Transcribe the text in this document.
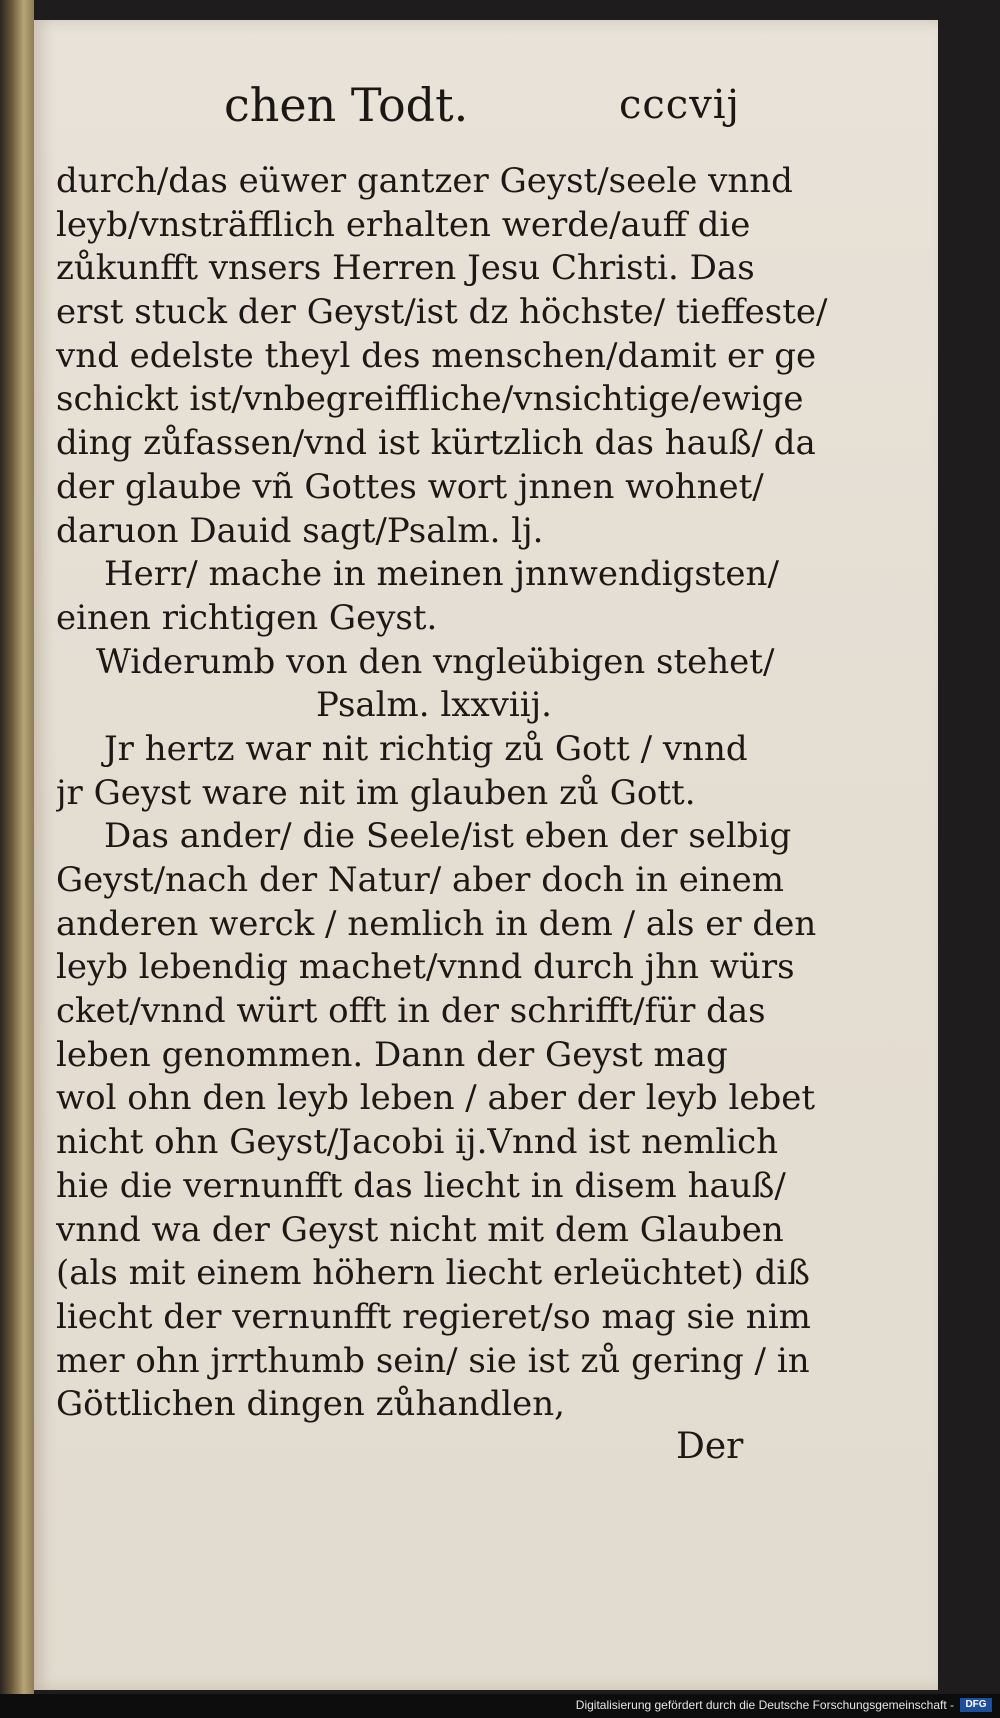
chen Todt.	cccvij
durch/das eüwer gantzer Geyst/seele vnnd
leyb/vnsträfflich erhalten werde/auff die
zůkunfft vnsers Herren Jesu Christi. Das
erst stuck der Geyst/ist dz höchste/ tieffeste/
vnd edelste theyl des menschen/damit er ge
schickt ist/vnbegreiffliche/vnsichtige/ewige
ding zůfassen/vnd ist kürtzlich das hauß/ da
der glaube vñ Gottes wort jnnen wohnet/
daruon Dauid sagt/Psalm. lj.
Herr/ mache in meinen jnnwendigsten/
einen richtigen Geyst.
Widerumb von den vngleübigen stehet/
Psalm. lxxviij.
Jr hertz war nit richtig zů Gott / vnnd
jr Geyst ware nit im glauben zů Gott.
Das ander/ die Seele/ist eben der selbig
Geyst/nach der Natur/ aber doch in einem
anderen werck / nemlich in dem / als er den
leyb lebendig machet/vnnd durch jhn würs
cket/vnnd würt offt in der schrifft/für das
leben genommen. Dann der Geyst mag
wol ohn den leyb leben / aber der leyb lebet
nicht ohn Geyst/Jacobi ij.Vnnd ist nemlich
hie die vernunfft das liecht in disem hauß/
vnnd wa der Geyst nicht mit dem Glauben
(als mit einem höhern liecht erleüchtet) diß
liecht der vernunfft regieret/so mag sie nim
mer ohn jrrthumb sein/ sie ist zů gering / in
Göttlichen dingen zůhandlen,
Der
Digitalisierung gefördert durch die Deutsche Forschungsgemeinschaft -	DFG
